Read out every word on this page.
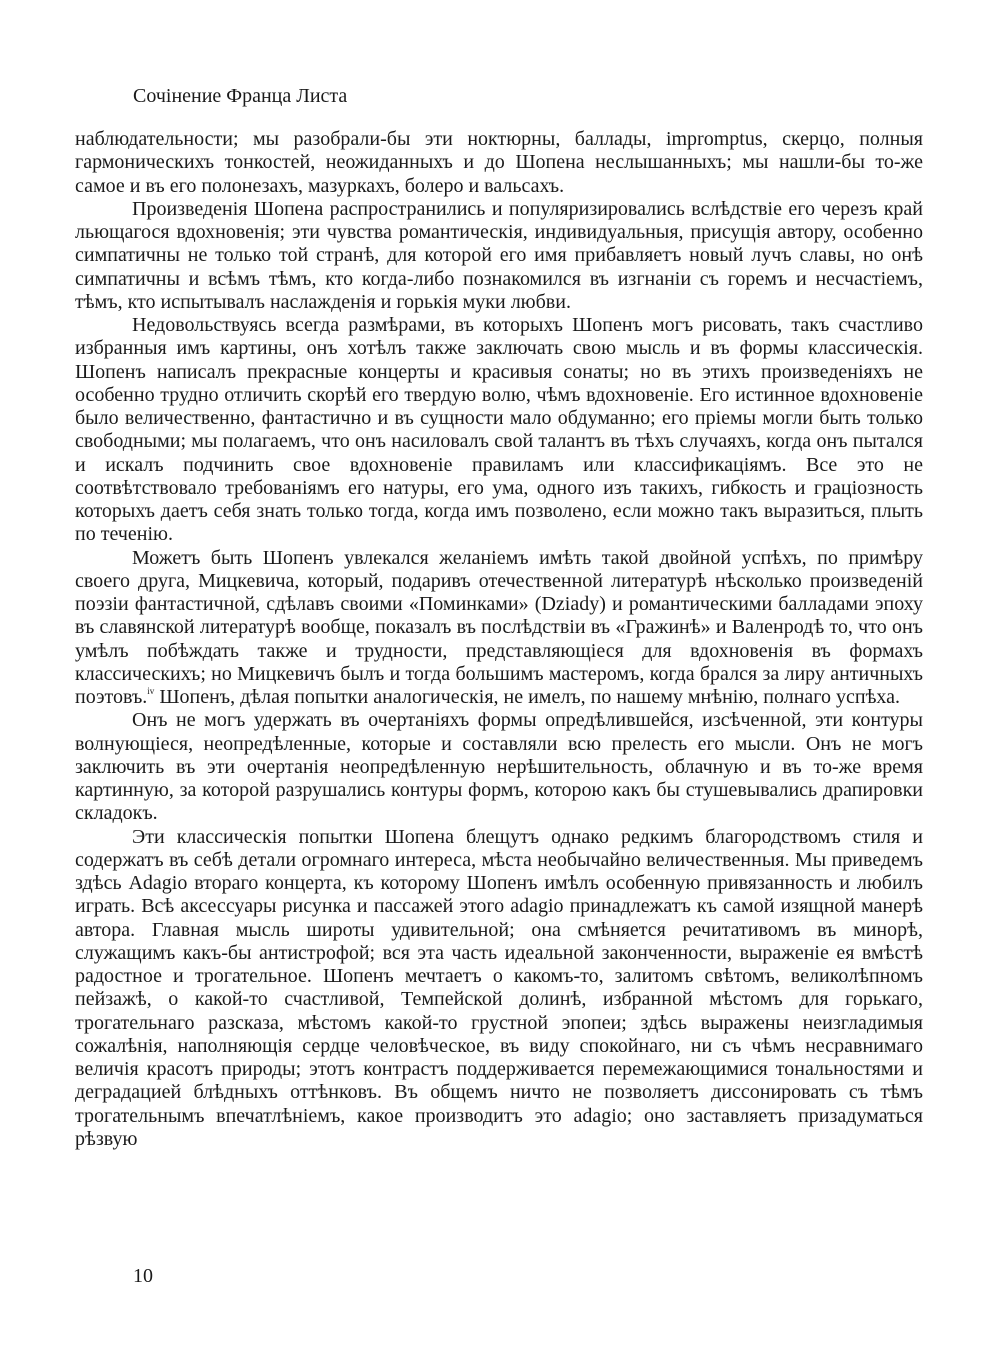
Сочінение Франца Листа

наблюдательности; мы разобрали-бы эти ноктюрны, баллады, impromptus, скерцо, полныя гармоническихъ тонкостей, неожиданныхъ и до Шопена неслышанныхъ; мы нашли-бы то-же самое и въ его полонезахъ, мазуркахъ, болеро и вальсахъ.

Произведенія Шопена распространились и популяризировались вслѣдствіе его черезъ край льющагося вдохновенія; эти чувства романтическія, индивидуальныя, присущія автору, особенно симпатичны не только той странѣ, для которой его имя прибавляетъ новый лучъ славы, но онѣ симпатичны и всѣмъ тѣмъ, кто когда-либо познакомился въ изгнаніи съ горемъ и несчастіемъ, тѣмъ, кто испытывалъ наслажденія и горькія муки любви.

Недовольствуясь всегда размѣрами, въ которыхъ Шопенъ могъ рисовать, такъ счастливо избранныя имъ картины, онъ хотѣлъ также заключать свою мысль и въ формы классическія. Шопенъ написалъ прекрасные концерты и красивыя сонаты; но въ этихъ произведеніяхъ не особенно трудно отличить скорѣй его твердую волю, чѣмъ вдохновеніе. Его истинное вдохновеніе было величественно, фантастично и въ сущности мало обдуманно; его пріемы могли быть только свободными; мы полагаемъ, что онъ насиловалъ свой талантъ въ тѣхъ случаяхъ, когда онъ пытался и искалъ подчинить свое вдохновеніе правиламъ или классификаціямъ. Все это не соотвѣтствовало требованіямъ его натуры, его ума, одного изъ такихъ, гибкость и граціозность которыхъ даетъ себя знать только тогда, когда имъ позволено, если можно такъ выразиться, плыть по теченію.

Можетъ быть Шопенъ увлекался желаніемъ имѣть такой двойной успѣхъ, по примѣру своего друга, Мицкевича, который, подаривъ отечественной литературѣ нѣсколько произведеній поэзіи фантастичной, сдѣлавъ своими «Поминками» (Dziady) и романтическими балладами эпоху въ славянской литературѣ вообще, показалъ въ послѣдствіи въ «Гражинѣ» и Валенродѣ то, что онъ умѣлъ побѣждать также и трудности, представляющіеся для вдохновенія въ формахъ классическихъ; но Мицкевичъ былъ и тогда большимъ мастеромъ, когда брался за лиру античныхъ поэтовъ.$^{iv}$ Шопенъ, дѣлая попытки аналогическія, не имелъ, по нашему мнѣнію, полнаго успѣха.

Онъ не могъ удержать въ очертаніяхъ формы опредѣлившейся, изсѣченной, эти контуры волнующіеся, неопредѣленные, которые и составляли всю прелесть его мысли. Онъ не могъ заключить въ эти очертанія неопредѣленную нерѣшительность, облачную и въ то-же время картинную, за которой разрушались контуры формъ, которою какъ бы стушевывались драпировки складокъ.

Эти классическія попытки Шопена блещутъ однако редкимъ благородствомъ стиля и содержатъ въ себѣ детали огромнаго интереса, мѣста необычайно величественныя. Мы приведемъ здѣсь Adagio втораго концерта, къ которому Шопенъ имѣлъ особенную привязанность и любилъ играть. Всѣ аксессуары рисунка и пассажей этого adagio принадлежатъ къ самой изящной манерѣ автора. Главная мысль широты удивительной; она смѣняется речитативомъ въ минорѣ, служащимъ какъ-бы антистрофой; вся эта часть идеальной законченности, выраженіе ея вмѣстѣ радостное и трогательное. Шопенъ мечтаетъ о какомъ-то, залитомъ свѣтомъ, великолѣпномъ пейзажѣ, о какой-то счастливой, Темпейской долинѣ, избранной мѣстомъ для горькаго, трогательнаго разсказа, мѣстомъ какой-то грустной эпопеи; здѣсь выражены неизгладимыя сожалѣнія, наполняющія сердце человѣческое, въ виду спокойнаго, ни съ чѣмъ несравнимаго величія красотъ природы; этотъ контрастъ поддерживается перемежающимися тональностями и деградацией блѣдныхъ оттѣнковъ. Въ общемъ ничто не позволяетъ диссонировать съ тѣмъ трогательнымъ впечатлѣніемъ, какое производитъ это adagio; оно заставляетъ призадуматься рѣзвую

10
